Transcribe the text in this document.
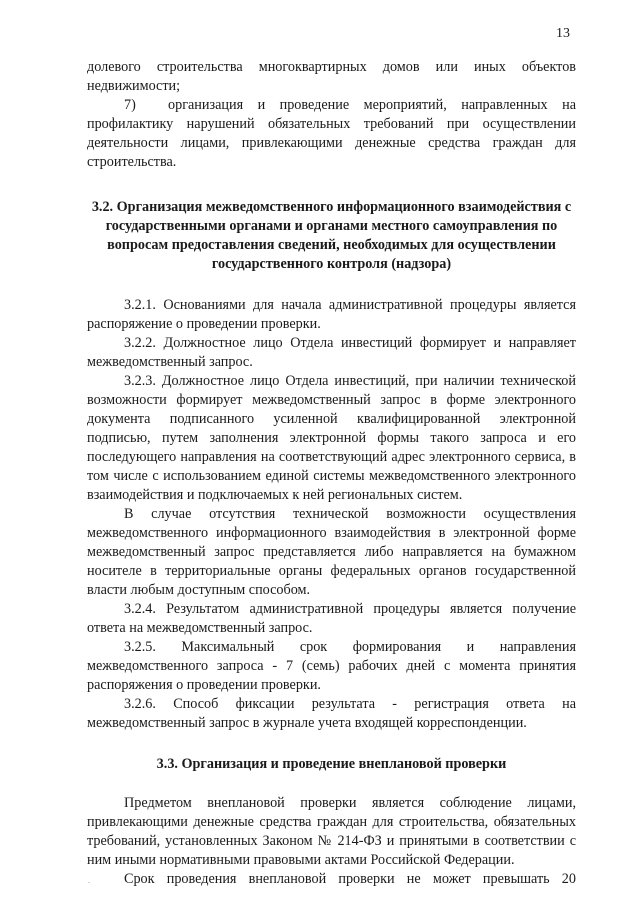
13

долевого строительства многоквартирных домов или иных объектов недвижимости;

7) организация и проведение мероприятий, направленных на профилактику нарушений обязательных требований при осуществлении деятельности лицами, привлекающими денежные средства граждан для строительства.

3.2. Организация межведомственного информационного взаимодействия с государственными органами и органами местного самоуправления по вопросам предоставления сведений, необходимых для осуществлении государственного контроля (надзора)

3.2.1. Основаниями для начала административной процедуры является распоряжение о проведении проверки.

3.2.2. Должностное лицо Отдела инвестиций формирует и направляет межведомственный запрос.

3.2.3. Должностное лицо Отдела инвестиций, при наличии технической возможности формирует межведомственный запрос в форме электронного документа подписанного усиленной квалифицированной электронной подписью, путем заполнения электронной формы такого запроса и его последующего направления на соответствующий адрес электронного сервиса, в том числе с использованием единой системы межведомственного электронного взаимодействия и подключаемых к ней региональных систем.

В случае отсутствия технической возможности осуществления межведомственного информационного взаимодействия в электронной форме межведомственный запрос представляется либо направляется на бумажном носителе в территориальные органы федеральных органов государственной власти любым доступным способом.

3.2.4. Результатом административной процедуры является получение ответа на межведомственный запрос.

3.2.5. Максимальный срок формирования и направления межведомственного запроса - 7 (семь) рабочих дней с момента принятия распоряжения о проведении проверки.

3.2.6. Способ фиксации результата - регистрация ответа на межведомственный запрос в журнале учета входящей корреспонденции.

3.3. Организация и проведение внеплановой проверки

Предметом внеплановой проверки является соблюдение лицами, привлекающими денежные средства граждан для строительства, обязательных требований, установленных Законом № 214-ФЗ и принятыми в соответствии с ним иными нормативными правовыми актами Российской Федерации.

Срок проведения внеплановой проверки не может превышать 20

.
